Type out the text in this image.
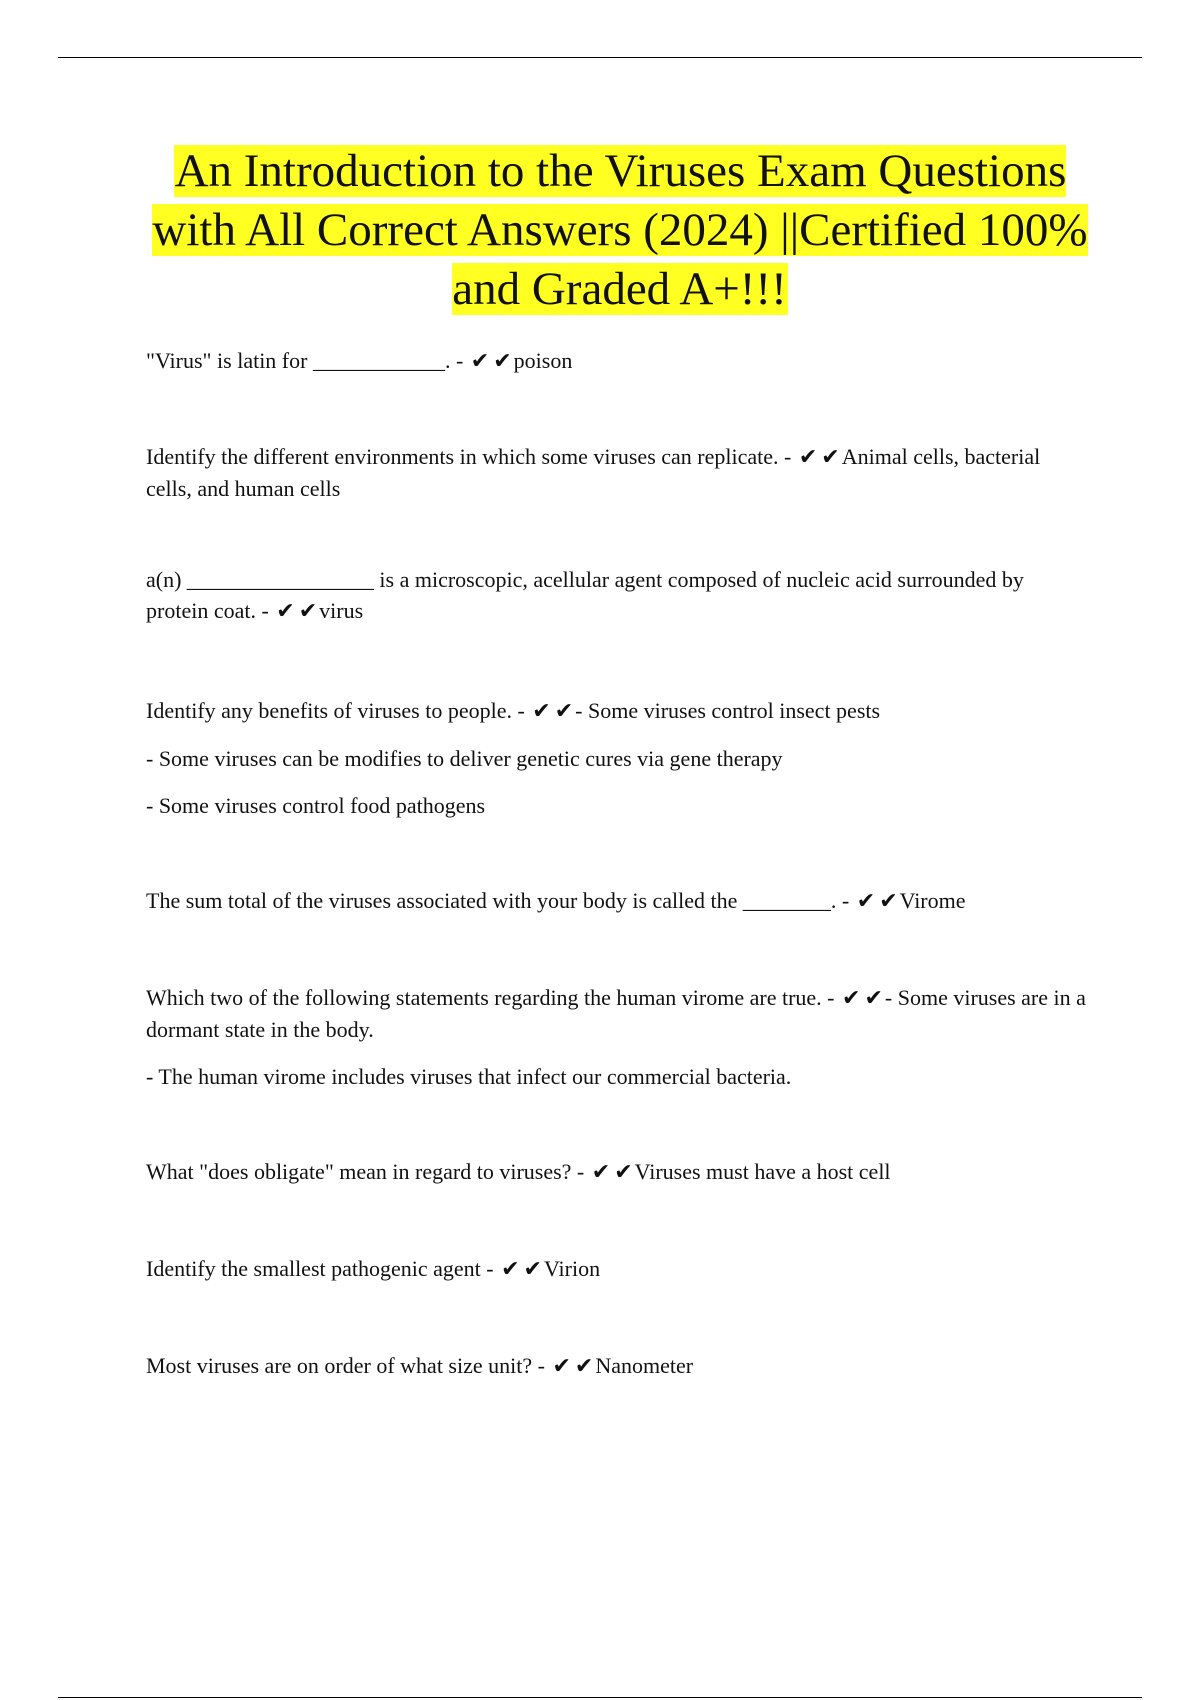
An Introduction to the Viruses Exam Questions with All Correct Answers (2024) ||Certified 100% and Graded A+!!!

"Virus" is latin for ____________. - ✔ ✔poison

Identify the different environments in which some viruses can replicate. - ✔ ✔Animal cells, bacterial cells, and human cells

a(n) _________________ is a microscopic, acellular agent composed of nucleic acid surrounded by protein coat. - ✔ ✔virus

Identify any benefits of viruses to people. - ✔ ✔- Some viruses control insect pests

- Some viruses can be modifies to deliver genetic cures via gene therapy

- Some viruses control food pathogens

The sum total of the viruses associated with your body is called the ________. - ✔ ✔Virome

Which two of the following statements regarding the human virome are true. - ✔ ✔- Some viruses are in a dormant state in the body.

- The human virome includes viruses that infect our commercial bacteria.

What "does obligate" mean in regard to viruses? - ✔ ✔Viruses must have a host cell

Identify the smallest pathogenic agent - ✔ ✔Virion

Most viruses are on order of what size unit? - ✔ ✔Nanometer
